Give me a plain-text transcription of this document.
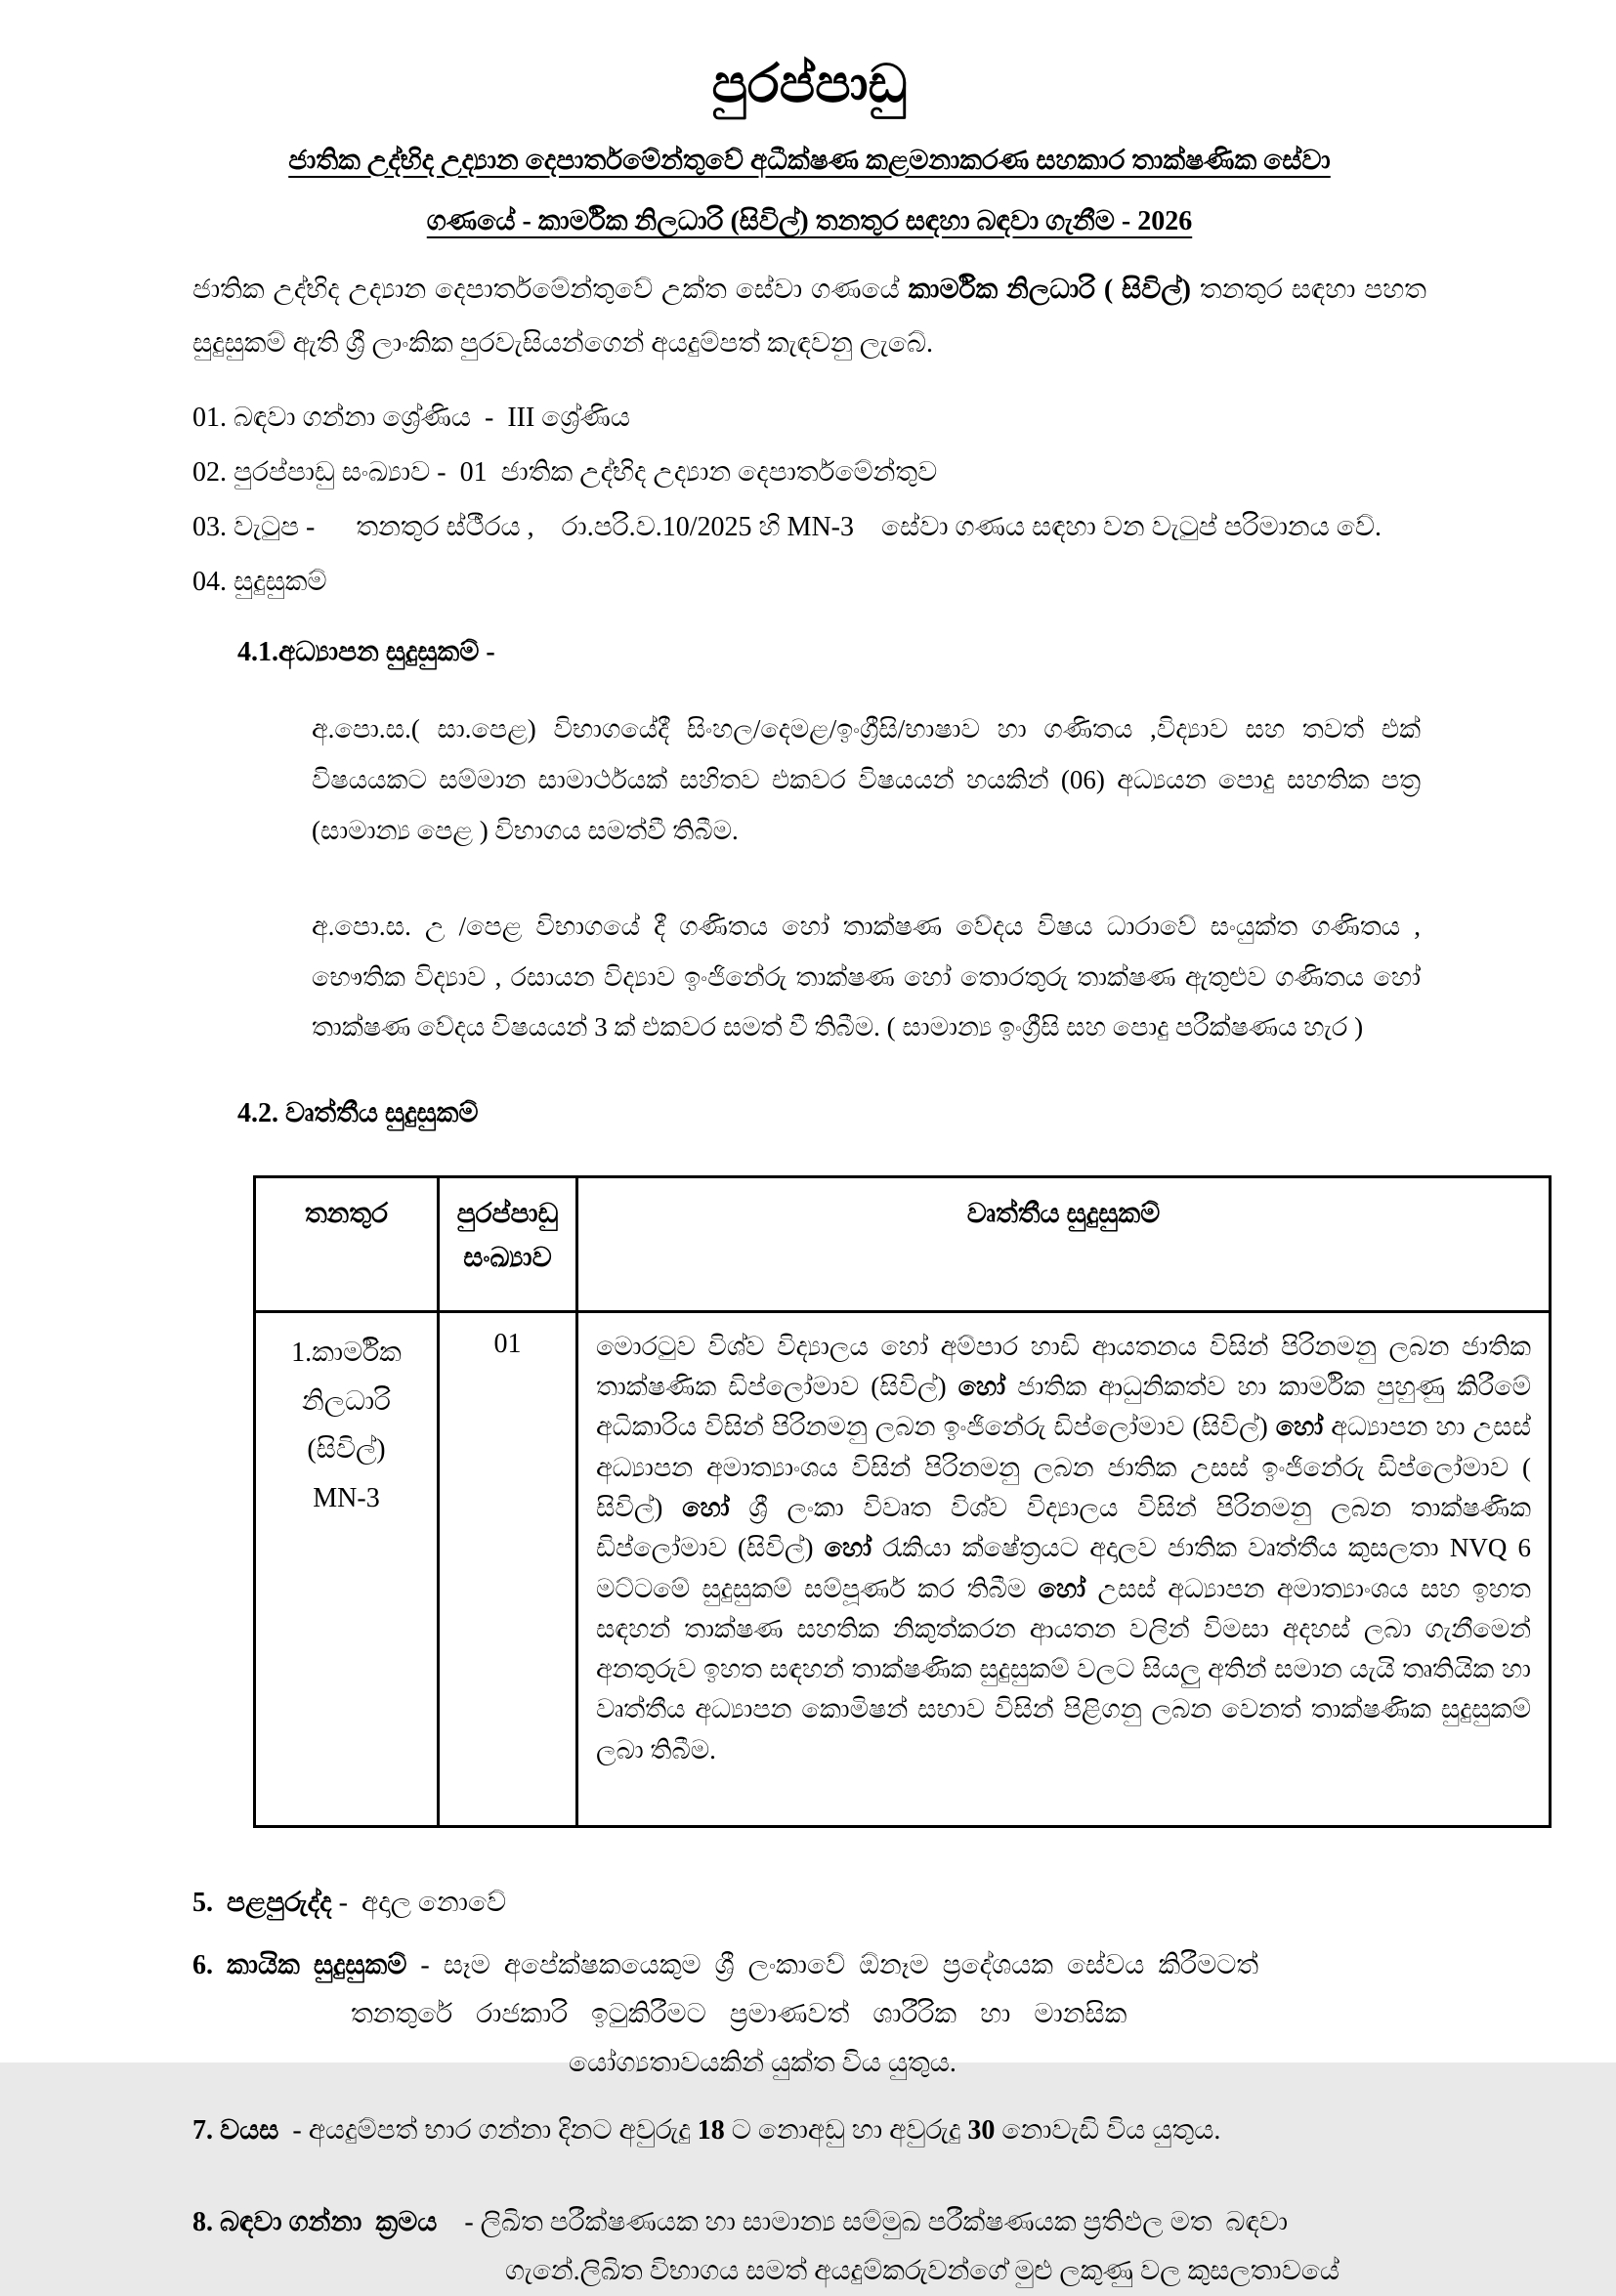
පුරප්පාඩු
ජාතික උද්භිද උද්‍යාන දෙපාර්තමේන්තුවේ අධීක්ෂණ කළමනාකරණ සහකාර තාක්ෂණික සේවා
ගණයේ - කාර්මික නිලධාරි (සිවිල්) තනතුර සඳහා බඳවා ගැනීම - 2026
ජාතික උද්භිද උද්‍යාන දෙපාර්තමේන්තුවේ උක්ත සේවා ගණයේ කාර්මික නිලධාරි ( සිවිල්) තනතුර සඳහා පහත සුදුසුකම් ඇති ශ්‍රී ලාංකික පුරවැසියන්ගෙන් අයදුම්පත් කැඳවනු ලැබේ.
01. බඳවා ගන්නා ශ්‍රේණිය  -  III ශ්‍රේණිය
02. පුරප්පාඩු සංඛ්‍යාව -  01  ජාතික උද්භිද උද්‍යාන දෙපාර්තමේන්තුව
03. වැටුප -      තනතුර ස්ථීරය ,    රා.පරි.ව.10/2025 හි MN-3    සේවා ගණය සඳහා වන වැටුප් පරිමානය වේ.
04. සුදුසුකම්
4.1.අධ්‍යාපන සුදුසුකම් -
අ.පො.ස.( සා.පෙළ) විභාගයේදී සිංහල/දෙමළ/ඉංග්‍රීසි/භාෂාව හා ගණිතය ,විද්‍යාව සහ තවත් එක් විෂයයකට සම්මාන සාමාර්ථයක් සහිතව එකවර විෂයයන් හයකින් (06) අධ්‍යයන පොදු සහතික පත්‍ර (සාමාන්‍ය පෙළ ) විභාගය සමත්වී තිබීම.
අ.පො.ස. උ /පෙළ විභාගයේ දී ගණිතය හෝ තාක්ෂණ වේදය විෂය ධාරාවේ සංයුක්ත ගණිතය , භෞතික විද්‍යාව , රසායන විද්‍යාව ඉංජිනේරු තාක්ෂණ හෝ තොරතුරු තාක්ෂණ ඇතුළුව ගණිතය හෝ තාක්ෂණ වේදය විෂයයන් 3 ක් එකවර සමත් වී තිබීම. ( සාමාන්‍ය ඉංග්‍රීසි සහ පොදු පරීක්ෂණය හැර )
4.2. වෘත්තීය සුදුසුකම්
තනතුර	පුරප්පාඩු සංඛ්‍යාව	වෘත්තීය සුදුසුකම්

1.කාර්මික
නිලධාරි
(සිවිල්)
MN-3
	01	මොරටුව විශ්ව විද්‍යාලය හෝ අම්පාර හාඩි ආයතනය විසින් පිරිනමනු ලබන ජාතික තාක්ෂණික ඩිප්ලෝමාව (සිවිල්) හෝ ජාතික ආධුනිකත්ව හා කාර්මික පුහුණු කිරීමේ අධිකාරිය විසින් පිරිනමනු ලබන ඉංජිනේරු ඩිප්ලෝමාව (සිවිල්) හෝ අධ්‍යාපන හා උසස් අධ්‍යාපන අමාත්‍යාංශය විසින් පිරිනමනු ලබන ජාතික උසස් ඉංජිනේරු ඩිප්ලෝමාව ( සිවිල්) හෝ ශ්‍රී ලංකා විවෘත විශ්ව විද්‍යාලය විසින් පිරිනමනු ලබන තාක්ෂණික ඩිප්ලෝමාව (සිවිල්) හෝ රැකියා ක්ෂේත්‍රයට අදාලව ජාතික වෘත්තීය කුසලතා NVQ 6 මට්ටමේ සුදුසුකම් සම්පූර්ණ කර තිබීම හෝ උසස් අධ්‍යාපන අමාත්‍යාංශය සහ ඉහත සඳහන් තාක්ෂණ සහතික නිකුත්කරන ආයතන වලින් විමසා අදහස් ලබා ගැනීමෙන් අනතුරුව ඉහත සඳහන් තාක්ෂණික සුදුසුකම් වලට සියලු අතින් සමාන යැයි තෘතියික හා වෘත්තීය අධ්‍යාපන කොමිෂන් සභාව විසින් පිළිගනු ලබන වෙනත් තාක්ෂණික සුදුසුකම් ලබා තිබීම.
5.  පළපුරුද්ද -  අදාල නොවේ
6.  කායික  සුදුසුකම්  -  සෑම  අපේක්ෂකයෙකුම  ශ්‍රී  ලංකාවේ  ඕනෑම  ප්‍රදේශයක  සේවය  කිරීමටත්
තනතුරේ රාජකාරි ඉටුකිරීමට ප්‍රමාණවත් ශාරීරික හා මානසික
යෝග්‍යතාවයකින් යුක්ත විය යුතුය.
7. වයස  - අයදුම්පත් භාර ගන්නා දිනට අවුරුදු 18 ට නොඅඩු හා අවුරුදු 30 නොවැඩි විය යුතුය.
8. බඳවා ගන්නා  ක්‍රමය    - ලිඛිත පරීක්ෂණයක හා සාමාන්‍ය සම්මුඛ පරීක්ෂණයක ප්‍රතිඵල මත  බඳවා
ගැනේ.ලිඛිත විභාගය සමත් අයදුම්කරුවන්ගේ මුළු ලකුණු වල කුසලතාවයේ
